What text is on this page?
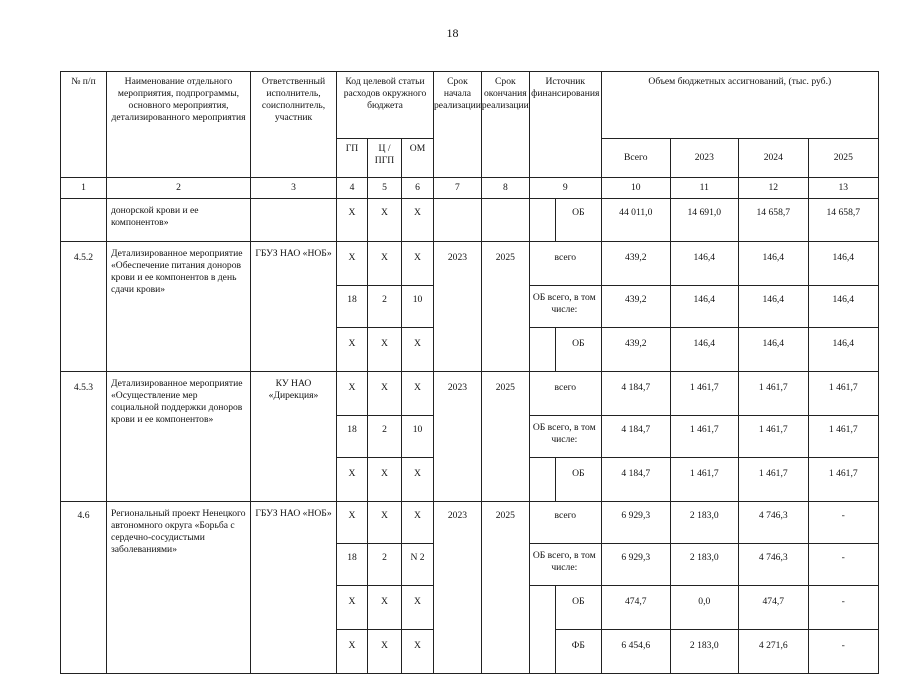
18
№ п/п	Наименование отдельного мероприятия, подпрограммы, основного мероприятия, детализированного мероприятия	Ответственный исполнитель, соисполнитель, участник	Код целевой статьи расходов окружного бюджета			Срок начала реализации	Срок окончания реализации	Источник финансирования		Объем бюджетных ассигнований, (тыс. руб.)			
			ГП	Ц / ПГП	ОМ					Всего	2023	2024	2025
1	2	3	4	5	6	7	8	9		10	11	12	13
	донорской крови и ее компонентов»		Х	Х	Х				ОБ	44 011,0	14 691,0	14 658,7	14 658,7
4.5.2	Детализированное мероприятие «Обеспечение питания доноров крови и ее компонентов в день сдачи крови»	ГБУЗ НАО «НОБ»	Х	Х	Х	2023	2025	всего		439,2	146,4	146,4	146,4
			18	2	10			ОБ всего, в том числе:		439,2	146,4	146,4	146,4
			Х	Х	Х				ОБ	439,2	146,4	146,4	146,4
4.5.3	Детализированное мероприятие «Осуществление мер социальной поддержки доноров крови и ее компонентов»	КУ НАО «Дирекция»	Х	Х	Х	2023	2025	всего		4 184,7	1 461,7	1 461,7	1 461,7
			18	2	10			ОБ всего, в том числе:		4 184,7	1 461,7	1 461,7	1 461,7
			Х	Х	Х				ОБ	4 184,7	1 461,7	1 461,7	1 461,7
4.6	Региональный проект Ненецкого автономного округа «Борьба с сердечно-сосудистыми заболеваниями»	ГБУЗ НАО «НОБ»	Х	Х	Х	2023	2025	всего		6 929,3	2 183,0	4 746,3	-
			18	2	N 2			ОБ всего, в том числе:		6 929,3	2 183,0	4 746,3	-
			Х	Х	Х				ОБ	474,7	0,0	474,7	-
			Х	Х	Х				ФБ	6 454,6	2 183,0	4 271,6	-
